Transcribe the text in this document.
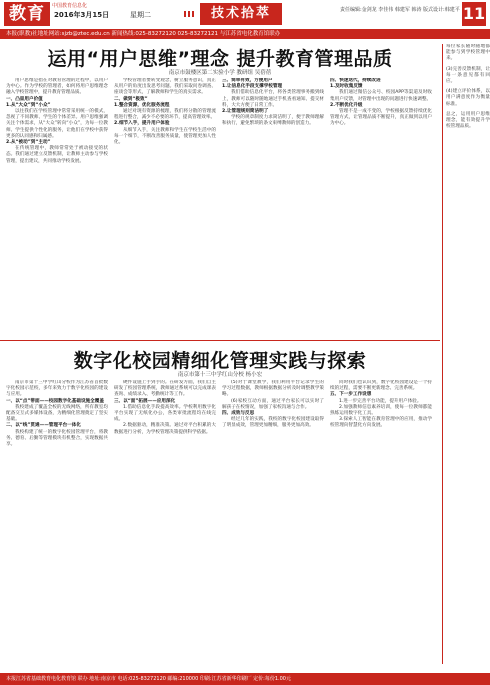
教育	中国教育信息化
2016年3月15日	星期二	技术拾萃	责任编辑:金剑龙 李佳伟 韩建军 韩涛 版式设计:韩建平 11
本报(职教)社地址网站:sjzb@ztec.edu.cn 新闻热线:025-83272120 025-83272121 与江苏省电化教育馆联办
运用“用户思维”理念 提升教育管理品质
南京市鼓楼区第二实验小学 教研组 吴蓓蓓

用户思维是指在对教育管理的过程中，以用户为中心。作为学校的管理者，如何将用户思维理念融入学校管理中，提升教育管理品质。

一、凸显用户价值

1.从“大众”到“小众”

以往我们在学校管理中常常采用统一的模式，忽视了不同教师、学生的个体差异。用户思维强调关注个体需求，从“大众”转向“小众”，为每一位教师、学生提供个性化的服务，让他们在学校中获得更多的认同感和归属感。

2.从“被动”到“主动”

在传统管理中，教师常常处于被动接受的状态。我们通过建立反馈机制，让教师主动参与学校管理，提出建议，共同推动学校发展。

学校管理者要转变观念，树立服务意识，真正从用户的角度出发思考问题。我们采取问卷调查、座谈会等形式，了解教师和学生的真实需求。

二、做到“极致”

1.整合资源，优化服务流程

通过对现有资源的梳理，我们将分散的管理流程进行整合，减少不必要的环节，提高管理效率。

2.细节入手，提升用户体验

从细节入手，关注教师和学生在学校生活中的每一个细节，不断改善服务质量，使管理更加人性化。

三、简单有效，方便用户

1.让信息化手段支撑学校管理

我们借助信息化平台，将各类管理事务搬到线上，教师可以随时随地通过手机查看通知、提交材料，大大方便了日常工作。

2.让管理规则简洁明了

学校的规章制度力求简洁明了，便于教师理解和执行，避免繁琐的条文束缚教师的创造力。

四、快速迭代，持续改进

1.及时收集反馈

我们通过微信公众号、校园APP等渠道及时收集用户反馈，对管理中出现的问题进行快速调整。

2.不断优化升级

管理不是一成不变的，学校根据反馈持续优化管理方式，让管理品质不断提升，真正做到以用户为中心。

数字化校园精细化管理实践与探索
南京市第十三中学红山分校 杨小宏

南京市第十三中学红山分校作为江苏省首批数字化校园示范校，多年来致力于数字化校园的建设与应用。

一、以“点”带面——校园数字化基础设施全覆盖

我校建成了覆盖全校的无线网络，所有教室均配备交互式多媒体设备，为精细化管理奠定了坚实基础。

二、以“线”贯通——管理平台一体化

我校构建了统一的数字化校园管理平台，将教务、德育、后勤等管理模块有机整合，实现数据共享。

硬件设施上手到手的。在研发方面，我们自主研发了校园管理系统，教师通过系统可以完成课表查询、成绩录入、考勤统计等工作。

三、以“面”拓展——应用深化

1.借助信息化手段提高效率。学校利用数字化平台实现了无纸化办公，各类审批流程均在线完成。

2.数据驱动，精准决策。通过对平台积累的大数据进行分析，为学校管理决策提供科学依据。

(5)对于课堂教学，我们利用平台记录学生的学习过程数据，教师根据数据分析及时调整教学策略。

(6)家校互动方面，通过平台家长可以实时了解孩子在校情况，加强了家校沟通与合作。

四、成效与反思

经过几年的实践，我校的数字化校园建设取得了明显成效，管理更加精细，服务更加高效。

同时我们也认识到，数字化校园建设是一个持续的过程，需要不断更新理念、完善系统。

五、下一步工作设想

1.进一步完善平台功能，提升用户体验。

2.加强教师信息素养培训，使每一位教师都能熟练运用数字化工具。

3.探索人工智能在教育管理中的应用，推动学校管理向智慧化方向发展。

每位家长随时随地都能参与到学校管理中来。

(3)完善反馈机制，让每一条意见都有回应。

(4)建立评价体系，以用户满意度作为衡量标准。

总之，运用用户思维理念，能有效提升学校管理品质。

本报江苏省基础教育电化教育馆 联办 地址:南京市 电话:025-83272120 邮编:210000 印刷:江苏省新华印刷厂 定价:每份1.00元
